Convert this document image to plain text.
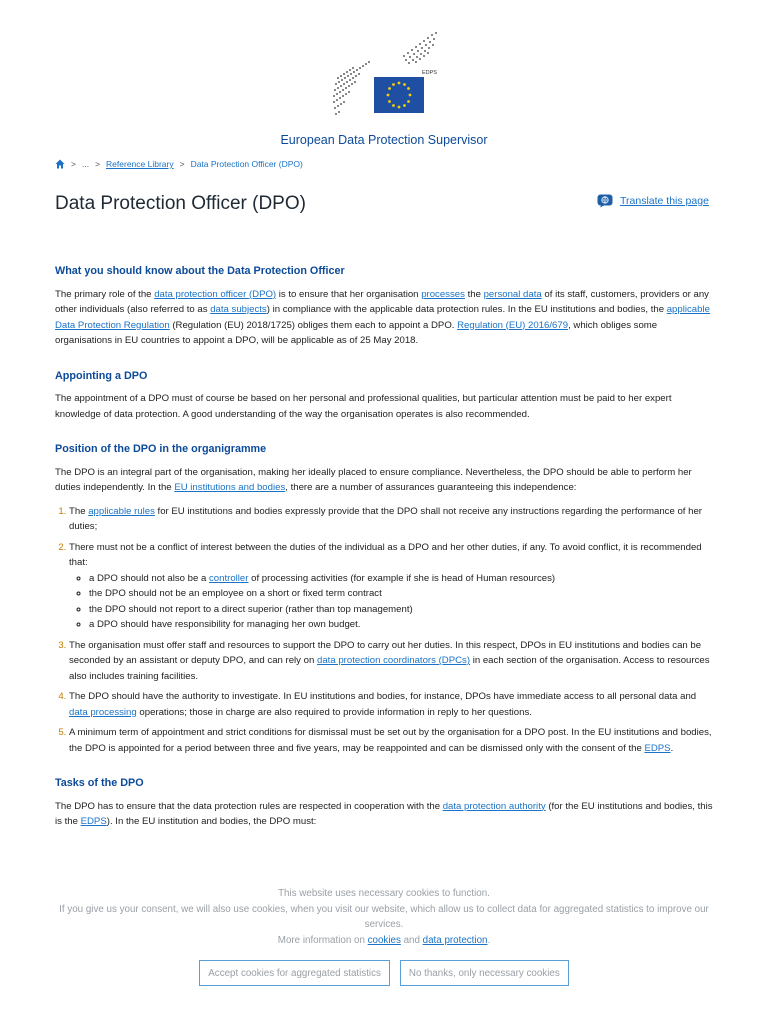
EDPS
European Data Protection Supervisor
> ... > Reference Library > Data Protection Officer (DPO)
Data Protection Officer (DPO)	Translate this page
What you should know about the Data Protection Officer

The primary role of the data protection officer (DPO) is to ensure that her organisation processes the personal data of its staff, customers, providers or any other individuals (also referred to as data subjects) in compliance with the applicable data protection rules. In the EU institutions and bodies, the applicable Data Protection Regulation (Regulation (EU) 2018/1725) obliges them each to appoint a DPO. Regulation (EU) 2016/679, which obliges some organisations in EU countries to appoint a DPO, will be applicable as of 25 May 2018.

Appointing a DPO

The appointment of a DPO must of course be based on her personal and professional qualities, but particular attention must be paid to her expert knowledge of data protection. A good understanding of the way the organisation operates is also recommended.

Position of the DPO in the organigramme

The DPO is an integral part of the organisation, making her ideally placed to ensure compliance. Nevertheless, the DPO should be able to perform her duties independently. In the EU institutions and bodies, there are a number of assurances guaranteeing this independence:

1. The applicable rules for EU institutions and bodies expressly provide that the DPO shall not receive any instructions regarding the performance of her duties;
2. There must not be a conflict of interest between the duties of the individual as a DPO and her other duties, if any. To avoid conflict, it is recommended that:
◦ a DPO should not also be a controller of processing activities (for example if she is head of Human resources)
◦ the DPO should not be an employee on a short or fixed term contract
◦ the DPO should not report to a direct superior (rather than top management)
◦ a DPO should have responsibility for managing her own budget.
3. The organisation must offer staff and resources to support the DPO to carry out her duties. In this respect, DPOs in EU institutions and bodies can be seconded by an assistant or deputy DPO, and can rely on data protection coordinators (DPCs) in each section of the organisation. Access to resources also includes training facilities.
4. The DPO should have the authority to investigate. In EU institutions and bodies, for instance, DPOs have immediate access to all personal data and data processing operations; those in charge are also required to provide information in reply to her questions.
5. A minimum term of appointment and strict conditions for dismissal must be set out by the organisation for a DPO post. In the EU institutions and bodies, the DPO is appointed for a period between three and five years, may be reappointed and can be dismissed only with the consent of the EDPS.
Tasks of the DPO

The DPO has to ensure that the data protection rules are respected in cooperation with the data protection authority (for the EU institutions and bodies, this is the EDPS). In the EU institution and bodies, the DPO must:

This website uses necessary cookies to function.
If you give us your consent, we will also use cookies, when you visit our website, which allow us to collect data for aggregated statistics to improve our services.
More information on cookies and data protection.
Accept cookies for aggregated statistics	No thanks, only necessary cookies
